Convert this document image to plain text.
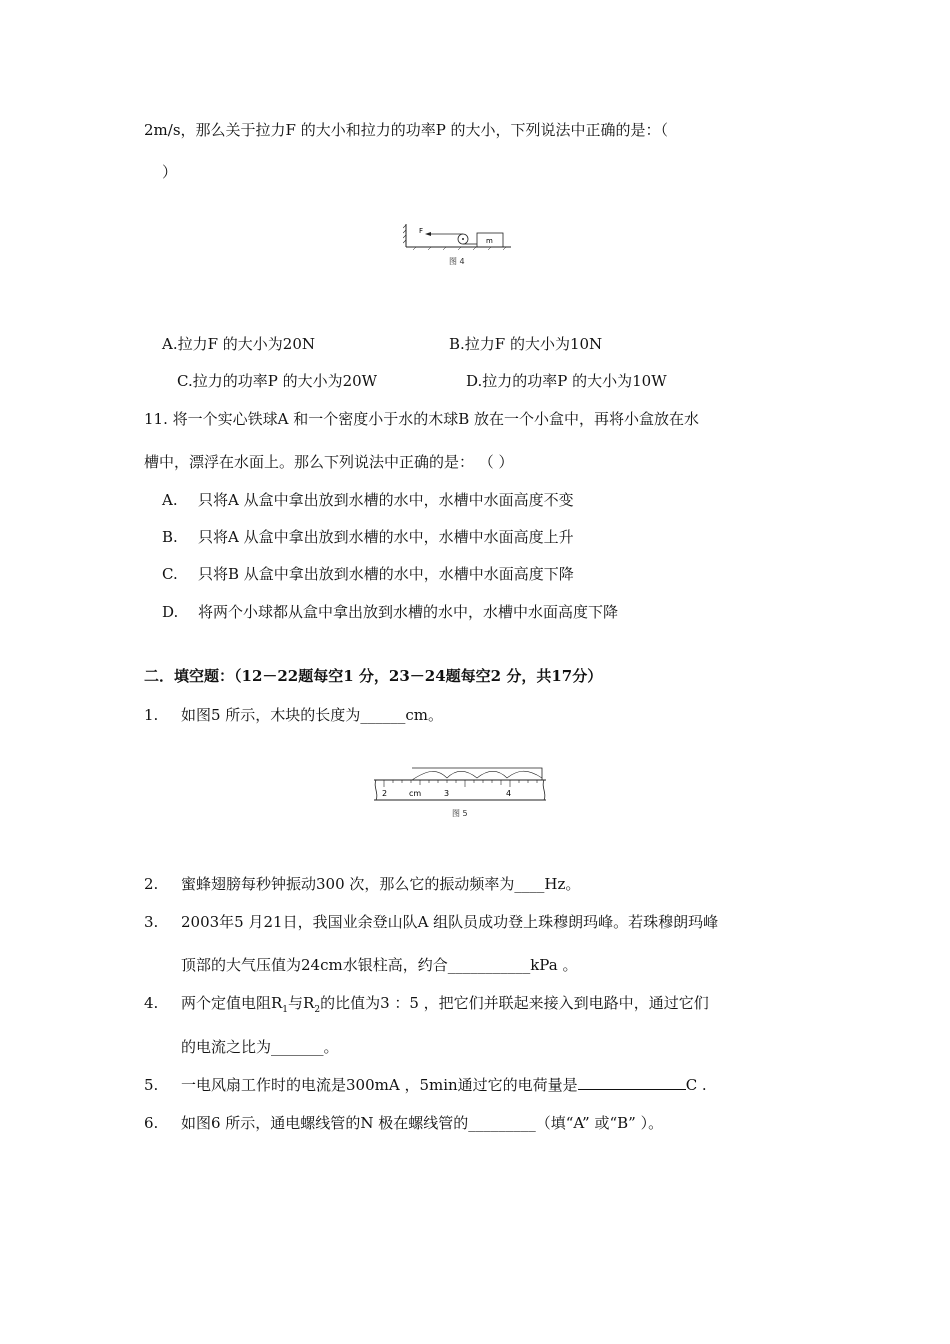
2m/s，那么关于拉力F 的大小和拉力的功率P 的大小，下列说法中正确的是：（
）
F
m
图 4
A.拉力F 的大小为20N	B.拉力F 的大小为10N
C.拉力的功率P 的大小为20W	D.拉力的功率P 的大小为10W
11. 将一个实心铁球A 和一个密度小于水的木球B 放在一个小盒中，再将小盒放在水
槽中，漂浮在水面上。那么下列说法中正确的是： （ ）
A. 只将A 从盒中拿出放到水槽的水中，水槽中水面高度不变
B. 只将A 从盒中拿出放到水槽的水中，水槽中水面高度上升
C. 只将B 从盒中拿出放到水槽的水中，水槽中水面高度下降
D. 将两个小球都从盒中拿出放到水槽的水中，水槽中水面高度下降
二．填空题：（12－22题每空1 分，23－24题每空2 分，共17分）
1. 如图5 所示，木块的长度为______cm。
2	cm	3	4
图 5
2. 蜜蜂翅膀每秒钟振动300 次，那么它的振动频率为____Hz。
3. 2003年5 月21日，我国业余登山队A 组队员成功登上珠穆朗玛峰。若珠穆朗玛峰
顶部的大气压值为24cm水银柱高，约合___________kPa 。
4. 两个定值电阻$R_1$与$R_2$的比值为3 ：5 ，把它们并联起来接入到电路中，通过它们
的电流之比为_______。
5. 一电风扇工作时的电流是300mA ，5min通过它的电荷量是	C .
6. 如图6 所示，通电螺线管的N 极在螺线管的_________（填“A” 或“B” ）。
